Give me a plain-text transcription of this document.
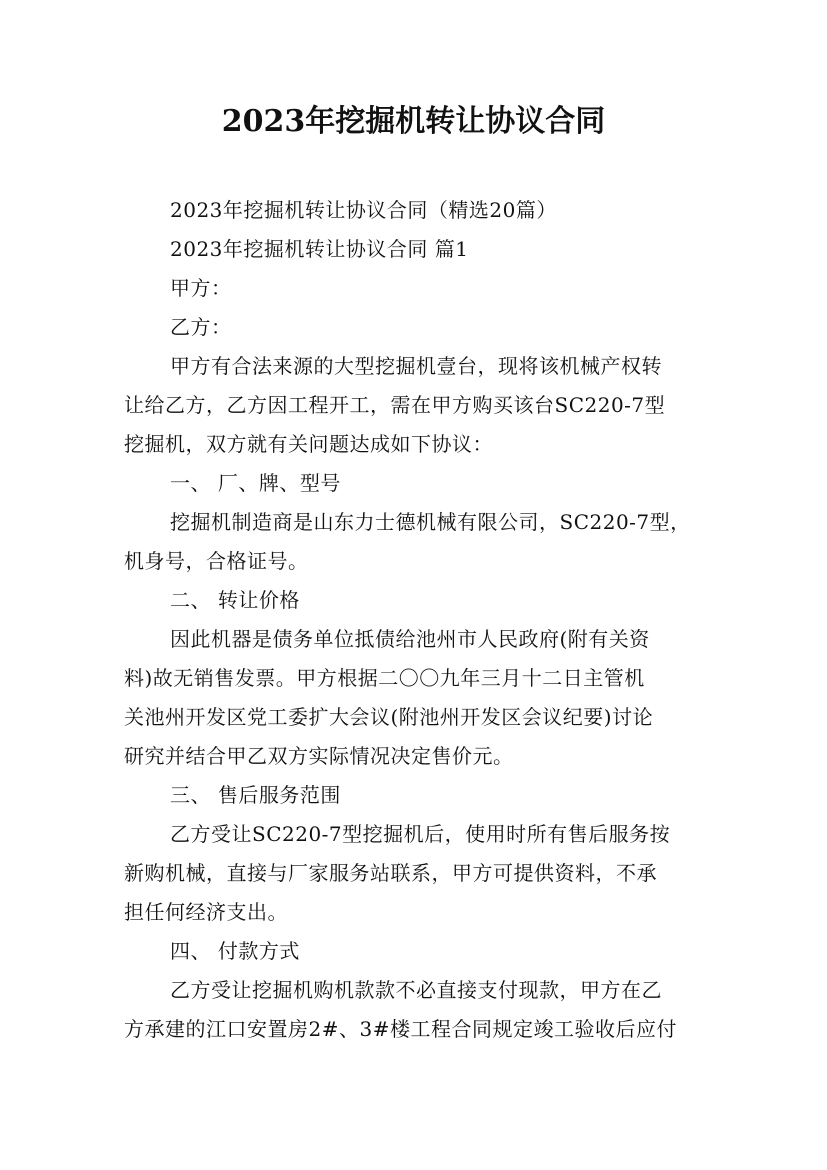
2023年挖掘机转让协议合同
2023年挖掘机转让协议合同（精选20篇）
2023年挖掘机转让协议合同 篇1
甲方：
乙方：
甲方有合法来源的大型挖掘机壹台，现将该机械产权转
让给乙方，乙方因工程开工，需在甲方购买该台SC220-7型
挖掘机，双方就有关问题达成如下协议：
一、 厂、牌、型号
挖掘机制造商是山东力士德机械有限公司，SC220-7型，
机身号，合格证号。
二、 转让价格
因此机器是债务单位抵债给池州市人民政府(附有关资
料)故无销售发票。甲方根据二〇〇九年三月十二日主管机
关池州开发区党工委扩大会议(附池州开发区会议纪要)讨论
研究并结合甲乙双方实际情况决定售价元。
三、 售后服务范围
乙方受让SC220-7型挖掘机后，使用时所有售后服务按
新购机械，直接与厂家服务站联系，甲方可提供资料，不承
担任何经济支出。
四、 付款方式
乙方受让挖掘机购机款款不必直接支付现款，甲方在乙
方承建的江口安置房2#、3#楼工程合同规定竣工验收后应付
